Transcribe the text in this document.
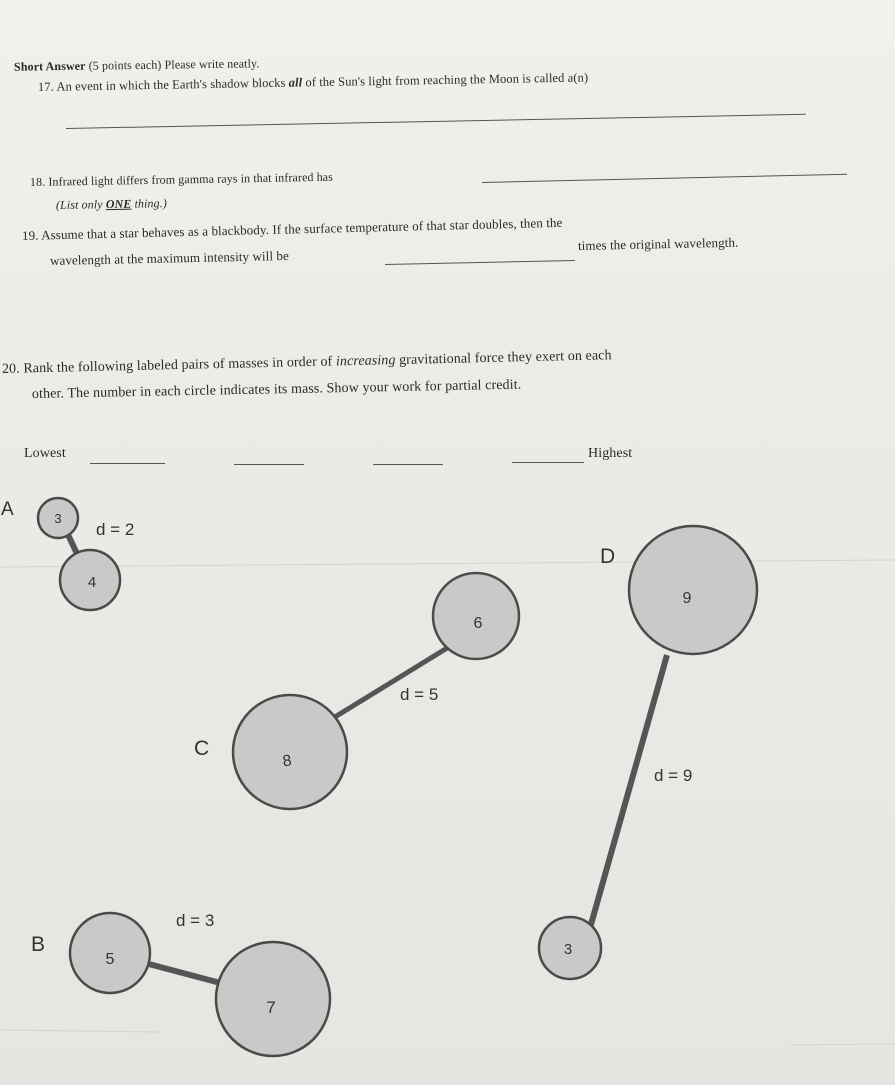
Short Answer (5 points each) Please write neatly.
17. An event in which the Earth's shadow blocks all of the Sun's light from reaching the Moon is called a(n)
18. Infrared light differs from gamma rays in that infrared has
(List only ONE thing.)
19. Assume that a star behaves as a blackbody. If the surface temperature of that star doubles, then the
wavelength at the maximum intensity will be
times the original wavelength.
20. Rank the following labeled pairs of masses in order of increasing gravitational force they exert on each
other. The number in each circle indicates its mass. Show your work for partial credit.
Lowest	Highest
3
4
A
d = 2
8
6
C
d = 5
9
3
D
d = 9
5
7
B
d = 3
